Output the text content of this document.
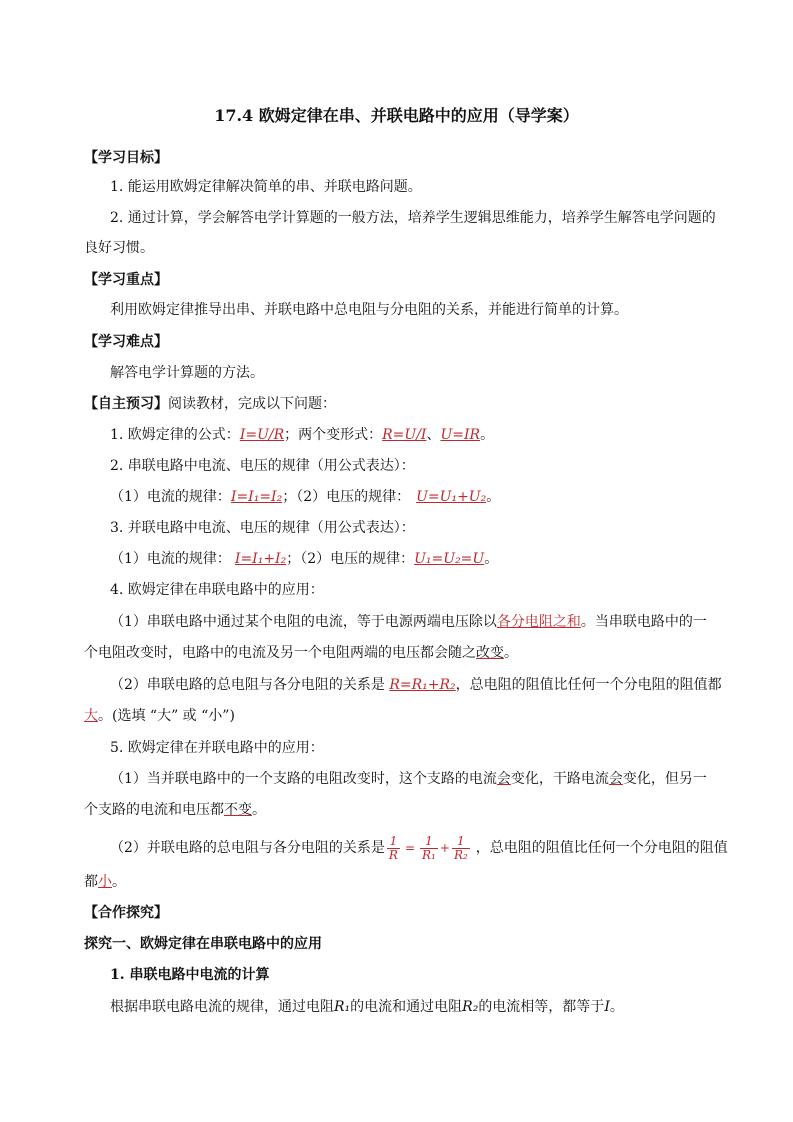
17.4 欧姆定律在串、并联电路中的应用（导学案）
【学习目标】
1. 能运用欧姆定律解决简单的串、并联电路问题。
2. 通过计算，学会解答电学计算题的一般方法，培养学生逻辑思维能力，培养学生解答电学问题的
良好习惯。
【学习重点】
利用欧姆定律推导出串、并联电路中总电阻与分电阻的关系，并能进行简单的计算。
【学习难点】
解答电学计算题的方法。
【自主预习】阅读教材，完成以下问题：
1. 欧姆定律的公式：I=U/R；两个变形式：R=U/I、U=IR。
2. 串联电路中电流、电压的规律（用公式表达）：
（1）电流的规律：I=I₁=I₂；（2）电压的规律： U=U₁+U₂。
3. 并联电路中电流、电压的规律（用公式表达）：
（1）电流的规律： I=I₁+I₂；（2）电压的规律：U₁=U₂=U。
4. 欧姆定律在串联电路中的应用：
（1）串联电路中通过某个电阻的电流，等于电源两端电压除以各分电阻之和。当串联电路中的一
个电阻改变时，电路中的电流及另一个电阻两端的电压都会随之改变。
（2）串联电路的总电阻与各分电阻的关系是 R=R₁+R₂，总电阻的阻值比任何一个分电阻的阻值都
大。(选填 “大” 或 “小”)
5. 欧姆定律在并联电路中的应用：
（1）当并联电路中的一个支路的电阻改变时，这个支路的电流会变化，干路电流会变化，但另一
个支路的电流和电压都不变。
（2）并联电路的总电阻与各分电阻的关系是 $\frac{1}{R} = \frac{1}{\text{R₁}} + \frac{1}{\text{R₂}}$ ，总电阻的阻值比任何一个分电阻的阻值
都小。
【合作探究】
探究一、欧姆定律在串联电路中的应用
1. 串联电路中电流的计算
根据串联电路电流的规律，通过电阻R₁的电流和通过电阻R₂的电流相等，都等于I。
